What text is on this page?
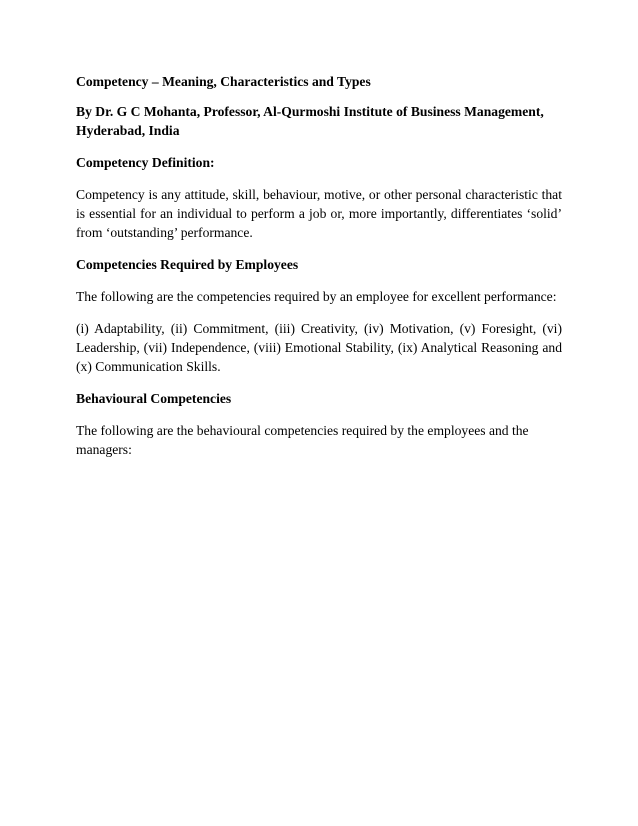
Competency – Meaning, Characteristics and Types

By Dr. G C Mohanta, Professor, Al-Qurmoshi Institute of Business Management, Hyderabad, India

Competency Definition:

Competency is any attitude, skill, behaviour, motive, or other personal characteristic that is essential for an individual to perform a job or, more importantly, differentiates ‘solid’ from ‘outstanding’ performance.

Competencies Required by Employees

The following are the competencies required by an employee for excellent performance:

(i) Adaptability, (ii) Commitment, (iii) Creativity, (iv) Motivation, (v) Foresight, (vi) Leadership, (vii) Independence, (viii) Emotional Stability, (ix) Analytical Reasoning and (x) Communication Skills.

Behavioural Competencies

The following are the behavioural competencies required by the employees and the managers:
